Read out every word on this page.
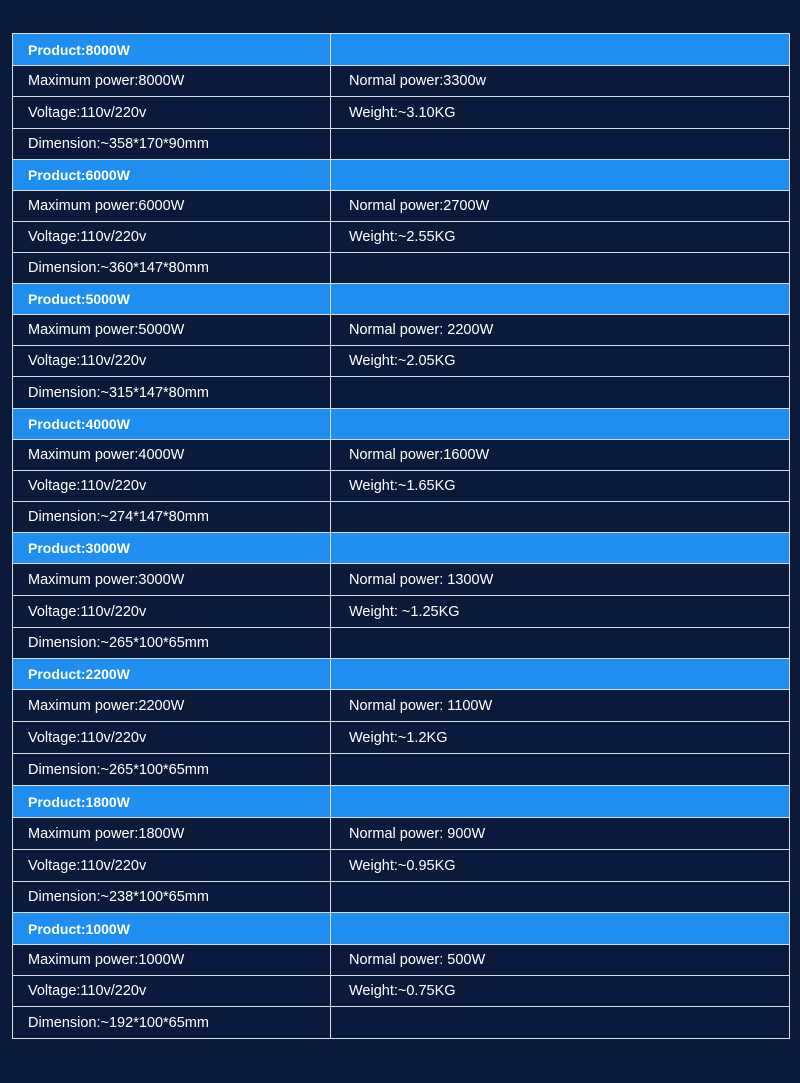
Product:8000W	
Maximum power:8000W	Normal power:3300w
Voltage:110v/220v	Weight:~3.10KG
Dimension:~358*170*90mm	
Product:6000W	
Maximum power:6000W	Normal power:2700W
Voltage:110v/220v	Weight:~2.55KG
Dimension:~360*147*80mm	
Product:5000W	
Maximum power:5000W	Normal power: 2200W
Voltage:110v/220v	Weight:~2.05KG
Dimension:~315*147*80mm	
Product:4000W	
Maximum power:4000W	Normal power:1600W
Voltage:110v/220v	Weight:~1.65KG
Dimension:~274*147*80mm	
Product:3000W	
Maximum power:3000W	Normal power: 1300W
Voltage:110v/220v	Weight: ~1.25KG
Dimension:~265*100*65mm	
Product:2200W	
Maximum power:2200W	Normal power: 1100W
Voltage:110v/220v	Weight:~1.2KG
Dimension:~265*100*65mm	
Product:1800W	
Maximum power:1800W	Normal power: 900W
Voltage:110v/220v	Weight:~0.95KG
Dimension:~238*100*65mm	
Product:1000W	
Maximum power:1000W	Normal power: 500W
Voltage:110v/220v	Weight:~0.75KG
Dimension:~192*100*65mm	
